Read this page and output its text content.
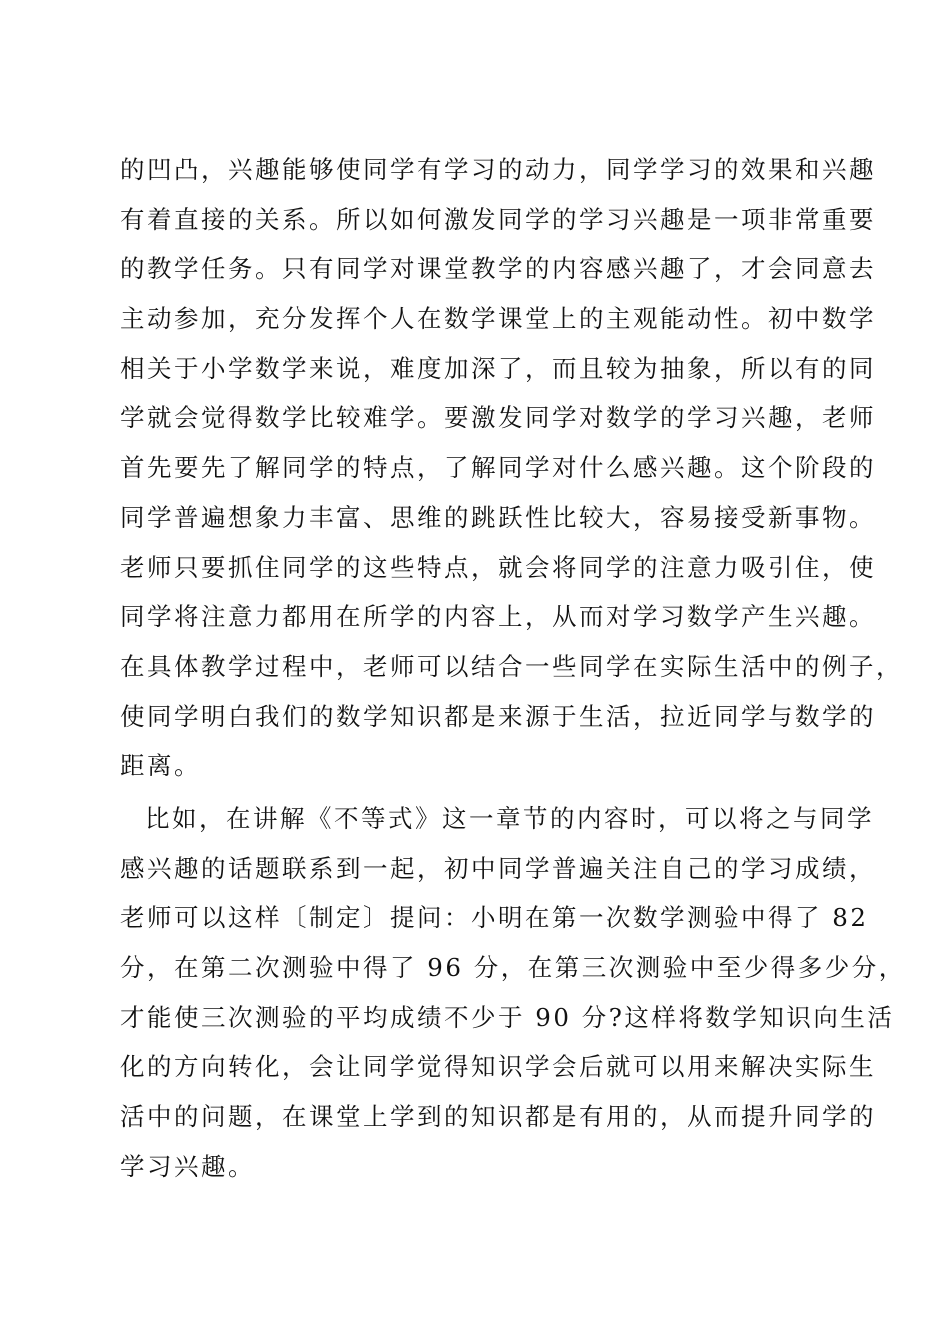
的凹凸，兴趣能够使同学有学习的动力，同学学习的效果和兴趣
有着直接的关系。所以如何激发同学的学习兴趣是一项非常重要
的教学任务。只有同学对课堂教学的内容感兴趣了，才会同意去
主动参加，充分发挥个人在数学课堂上的主观能动性。初中数学
相关于小学数学来说，难度加深了，而且较为抽象，所以有的同
学就会觉得数学比较难学。要激发同学对数学的学习兴趣，老师
首先要先了解同学的特点，了解同学对什么感兴趣。这个阶段的
同学普遍想象力丰富、思维的跳跃性比较大，容易接受新事物。
老师只要抓住同学的这些特点，就会将同学的注意力吸引住，使
同学将注意力都用在所学的内容上，从而对学习数学产生兴趣。
在具体教学过程中，老师可以结合一些同学在实际生活中的例子，
使同学明白我们的数学知识都是来源于生活，拉近同学与数学的
距离。
比如，在讲解《不等式》这一章节的内容时，可以将之与同学
感兴趣的话题联系到一起，初中同学普遍关注自己的学习成绩，
老师可以这样〔制定〕提问：小明在第一次数学测验中得了 82
分，在第二次测验中得了 96 分，在第三次测验中至少得多少分，
才能使三次测验的平均成绩不少于 90 分?这样将数学知识向生活
化的方向转化，会让同学觉得知识学会后就可以用来解决实际生
活中的问题，在课堂上学到的知识都是有用的，从而提升同学的
学习兴趣。
